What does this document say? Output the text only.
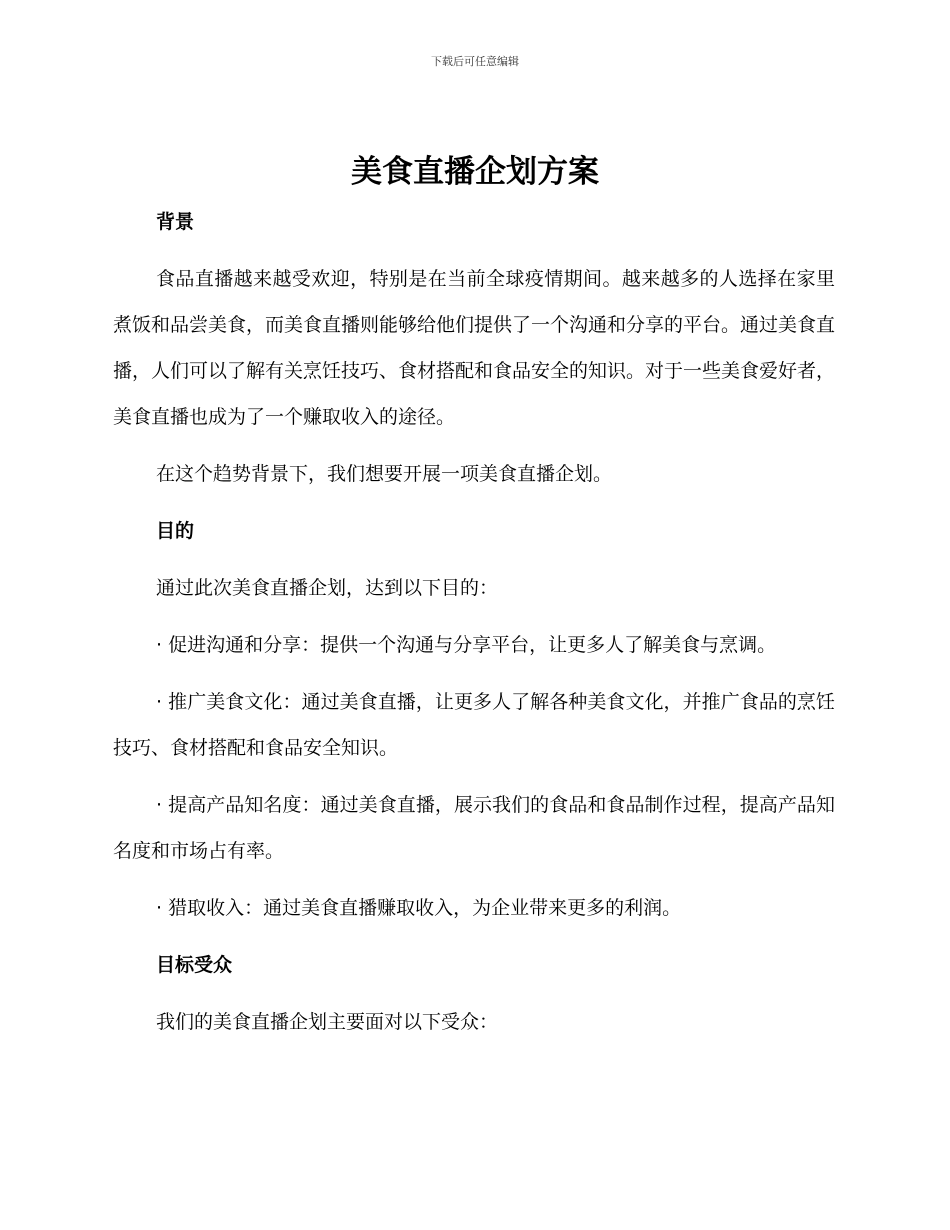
下载后可任意编辑
美食直播企划方案

背景

食品直播越来越受欢迎，特别是在当前全球疫情期间。越来越多的人选择在家里煮饭和品尝美食，而美食直播则能够给他们提供了一个沟通和分享的平台。通过美食直播，人们可以了解有关烹饪技巧、食材搭配和食品安全的知识。对于一些美食爱好者，美食直播也成为了一个赚取收入的途径。

在这个趋势背景下，我们想要开展一项美食直播企划。

目的

通过此次美食直播企划，达到以下目的：

· 促进沟通和分享：提供一个沟通与分享平台，让更多人了解美食与烹调。

· 推广美食文化：通过美食直播，让更多人了解各种美食文化，并推广食品的烹饪技巧、食材搭配和食品安全知识。

· 提高产品知名度：通过美食直播，展示我们的食品和食品制作过程，提高产品知名度和市场占有率。

· 猎取收入：通过美食直播赚取收入，为企业带来更多的利润。

目标受众

我们的美食直播企划主要面对以下受众：
